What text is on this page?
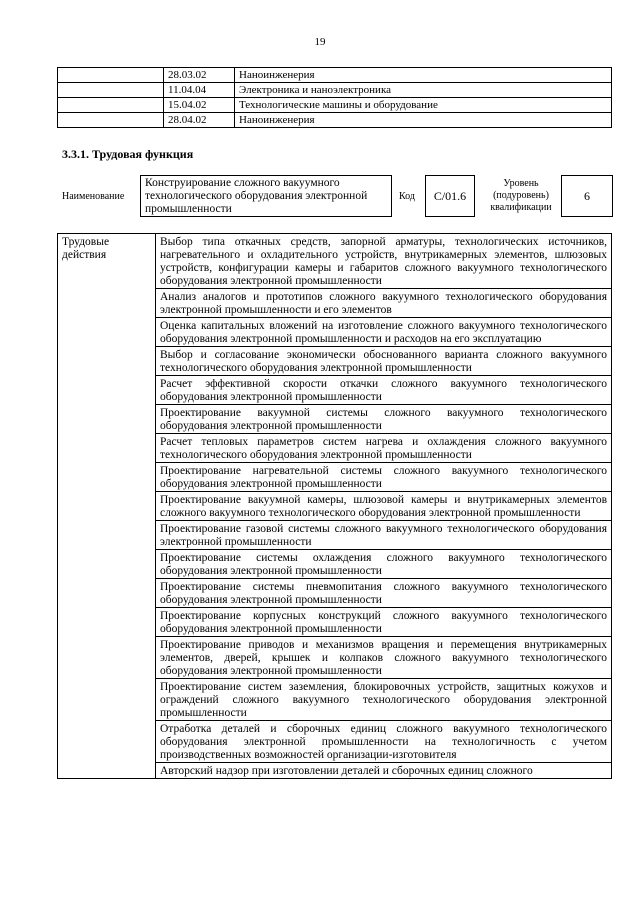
19
	28.03.02	Наноинженерия
	11.04.04	Электроника и наноэлектроника
	15.04.02	Технологические машины и оборудование
	28.04.02	Наноинженерия
3.3.1. Трудовая функция
Наименование
Конструирование сложного вакуумного технологического оборудования электронной промышленности
Код	С/01.6
Уровень
(подуровень)
квалификации
6
Трудовые
действия
	Выбор типа откачных средств, запорной арматуры, технологических источников, нагревательного и охладительного устройств, внутрикамерных элементов, шлюзовых устройств, конфигурации камеры и габаритов сложного вакуумного технологического оборудования электронной промышленности
Анализ аналогов и прототипов сложного вакуумного технологического оборудования электронной промышленности и его элементов
Оценка капитальных вложений на изготовление сложного вакуумного технологического оборудования электронной промышленности и расходов на его эксплуатацию
Выбор и согласование экономически обоснованного варианта сложного вакуумного технологического оборудования электронной промышленности
Расчет эффективной скорости откачки сложного вакуумного технологического оборудования электронной промышленности
Проектирование вакуумной системы сложного вакуумного технологического оборудования электронной промышленности
Расчет тепловых параметров систем нагрева и охлаждения сложного вакуумного технологического оборудования электронной промышленности
Проектирование нагревательной системы сложного вакуумного технологического оборудования электронной промышленности
Проектирование вакуумной камеры, шлюзовой камеры и внутрикамерных элементов сложного вакуумного технологического оборудования электронной промышленности
Проектирование газовой системы сложного вакуумного технологического оборудования электронной промышленности
Проектирование системы охлаждения сложного вакуумного технологического оборудования электронной промышленности
Проектирование системы пневмопитания сложного вакуумного технологического оборудования электронной промышленности
Проектирование корпусных конструкций сложного вакуумного технологического оборудования электронной промышленности
Проектирование приводов и механизмов вращения и перемещения внутрикамерных элементов, дверей, крышек и колпаков сложного вакуумного технологического оборудования электронной промышленности
Проектирование систем заземления, блокировочных устройств, защитных кожухов и ограждений сложного вакуумного технологического оборудования электронной промышленности
Отработка деталей и сборочных единиц сложного вакуумного технологического оборудования электронной промышленности на технологичность с учетом производственных возможностей организации-изготовителя
Авторский надзор при изготовлении деталей и сборочных единиц сложного
